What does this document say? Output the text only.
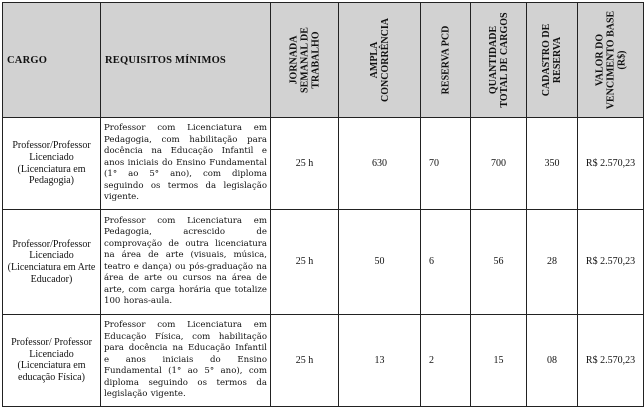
CARGO	REQUISITOS MÍNIMOS	JORNADA SEMANAL DE TRABALHO	AMPLA CONCORRÊNCIA	RESERVA PCD	QUANTIDADE TOTAL DE CARGOS	CADASTRO DE RESERVA	VALOR DO VENCIMENTO BASE (R$)

Professor/Professor Licenciado (Licenciatura em Pedagogia)	Professor com Licenciatura em Pedagogia, com habilitação para docência na Educação Infantil e anos iniciais do Ensino Fundamental (1° ao 5° ano), com diploma seguindo os termos da legislação vigente.	25 h	630	70	700	350	R$ 2.570,23
Professor/Professor Licenciado (Licenciatura em Arte Educador)	Professor com Licenciatura em Pedagogia, acrescido de comprovação de outra licenciatura na área de arte (visuais, música, teatro e dança) ou pós-graduação na área de arte ou cursos na área de arte, com carga horária que totalize 100 horas-aula.	25 h	50	6	56	28	R$ 2.570,23
Professor/ Professor Licenciado (Licenciatura em educação Física)	Professor com Licenciatura em Educação Física, com habilitação para docência na Educação Infantil e anos iniciais do Ensino Fundamental (1° ao 5° ano), com diploma seguindo os termos da legislação vigente.	25 h	13	2	15	08	R$ 2.570,23
